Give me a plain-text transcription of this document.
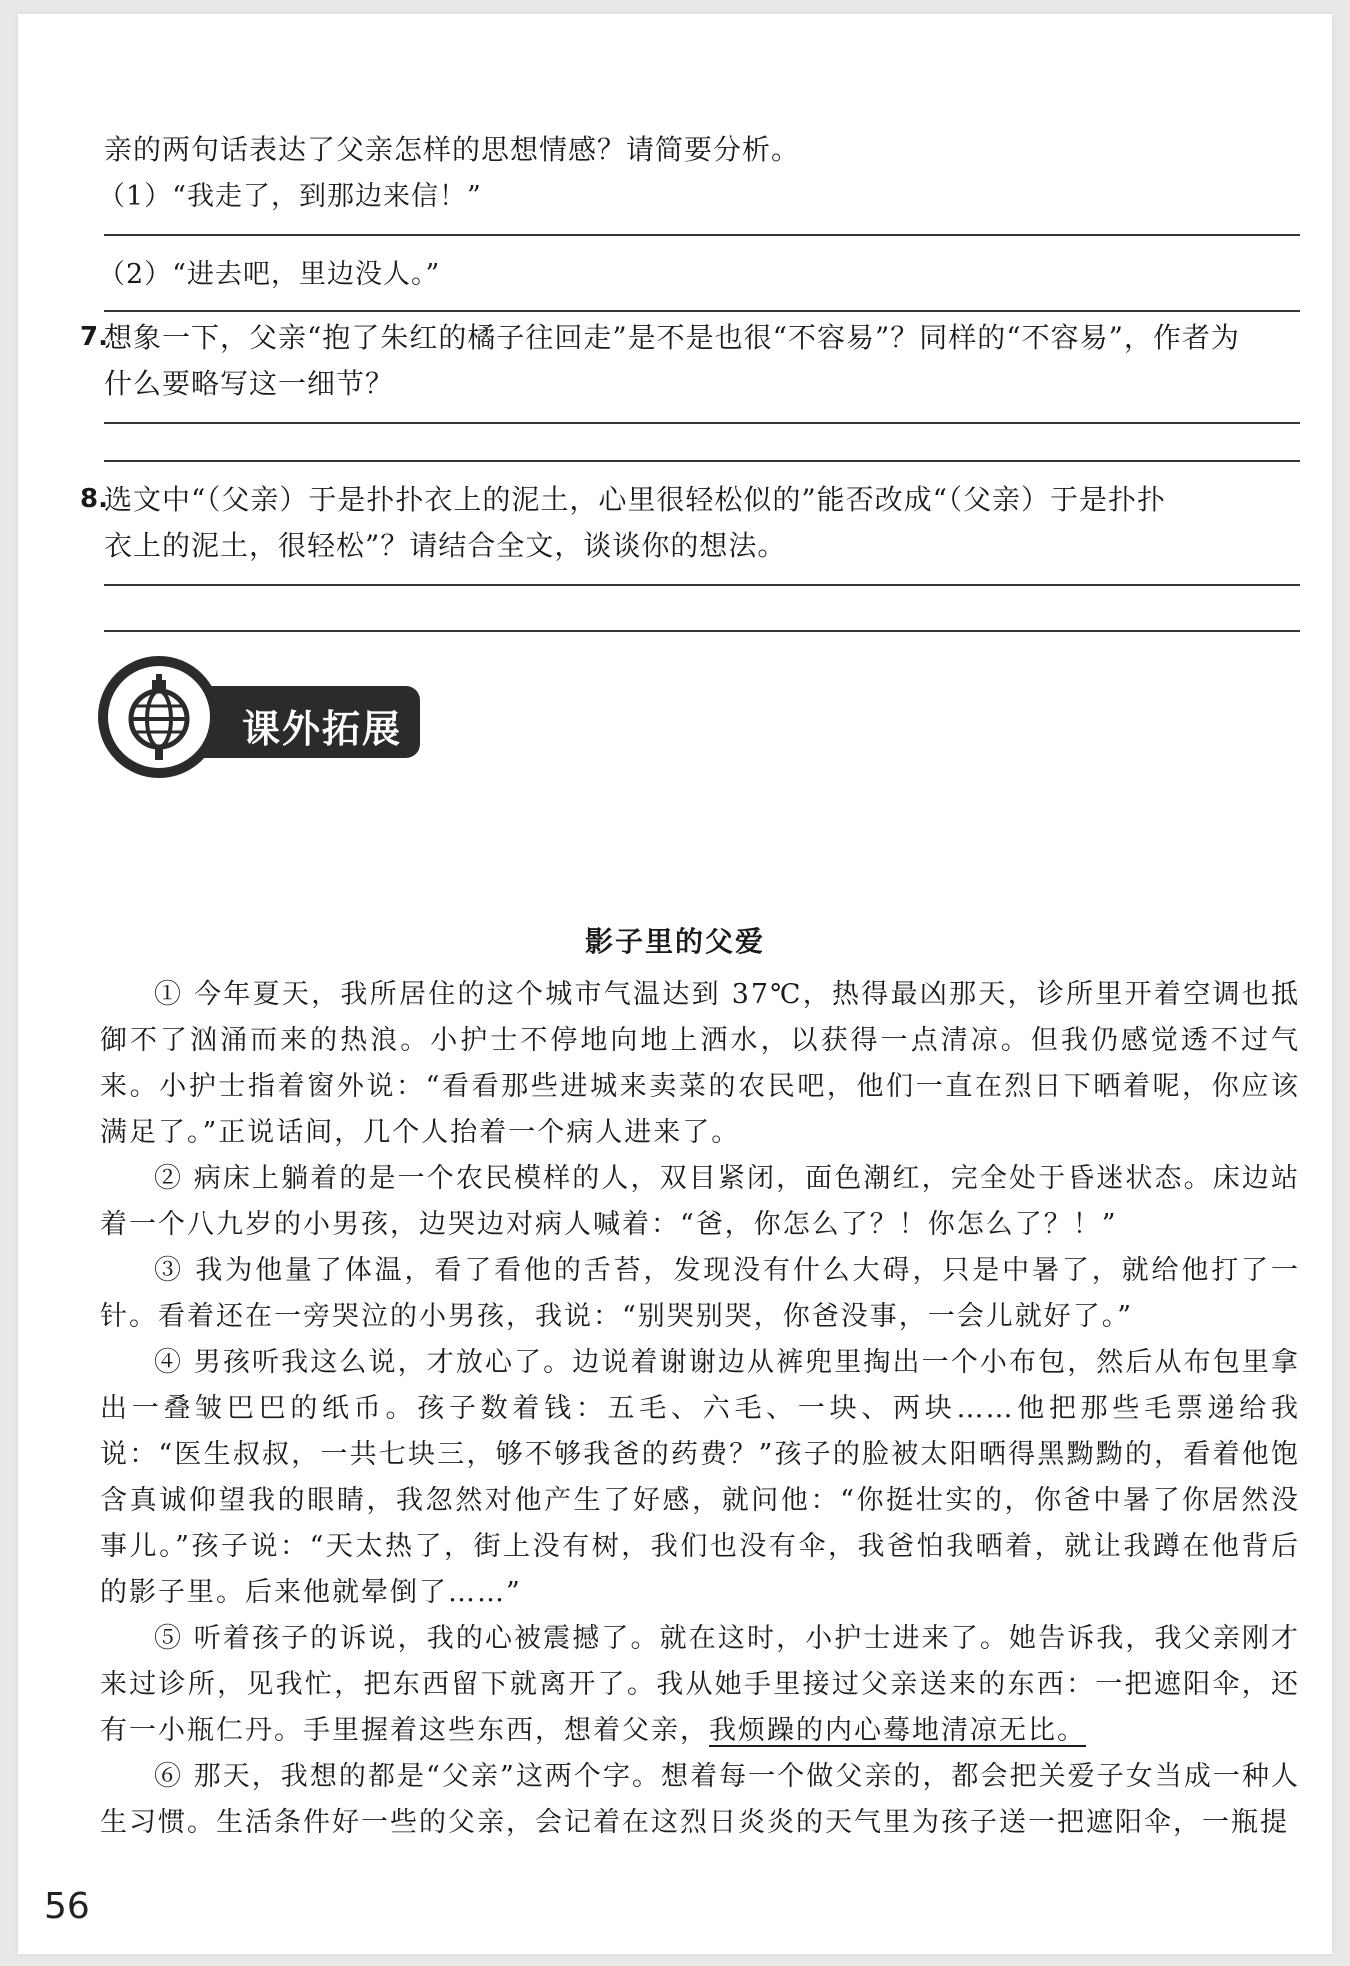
亲的两句话表达了父亲怎样的思想情感？请简要分析。
（1）“我走了，到那边来信！”
（2）“进去吧，里边没人。”
7.
想象一下，父亲“抱了朱红的橘子往回走”是不是也很“不容易”？同样的“不容易”，作者为
什么要略写这一细节？
8.
选文中“（父亲）于是扑扑衣上的泥土，心里很轻松似的”能否改成“（父亲）于是扑扑
衣上的泥土，很轻松”？请结合全文，谈谈你的想法。
课外拓展
影子里的父爱

① 今年夏天，我所居住的这个城市气温达到 37℃，热得最凶那天，诊所里开着空调也抵御不了汹涌而来的热浪。小护士不停地向地上洒水，以获得一点清凉。但我仍感觉透不过气来。小护士指着窗外说：“看看那些进城来卖菜的农民吧，他们一直在烈日下晒着呢，你应该满足了。”正说话间，几个人抬着一个病人进来了。

② 病床上躺着的是一个农民模样的人，双目紧闭，面色潮红，完全处于昏迷状态。床边站着一个八九岁的小男孩，边哭边对病人喊着：“爸，你怎么了？！你怎么了？！”

③ 我为他量了体温，看了看他的舌苔，发现没有什么大碍，只是中暑了，就给他打了一针。看着还在一旁哭泣的小男孩，我说：“别哭别哭，你爸没事，一会儿就好了。”

④ 男孩听我这么说，才放心了。边说着谢谢边从裤兜里掏出一个小布包，然后从布包里拿出一叠皱巴巴的纸币。孩子数着钱：五毛、六毛、一块、两块……他把那些毛票递给我说：“医生叔叔，一共七块三，够不够我爸的药费？”孩子的脸被太阳晒得黑黝黝的，看着他饱含真诚仰望我的眼睛，我忽然对他产生了好感，就问他：“你挺壮实的，你爸中暑了你居然没事儿。”孩子说：“天太热了，街上没有树，我们也没有伞，我爸怕我晒着，就让我蹲在他背后的影子里。后来他就晕倒了……”

⑤ 听着孩子的诉说，我的心被震撼了。就在这时，小护士进来了。她告诉我，我父亲刚才来过诊所，见我忙，把东西留下就离开了。我从她手里接过父亲送来的东西：一把遮阳伞，还有一小瓶仁丹。手里握着这些东西，想着父亲，我烦躁的内心蓦地清凉无比。

⑥ 那天，我想的都是“父亲”这两个字。想着每一个做父亲的，都会把关爱子女当成一种人生习惯。生活条件好一些的父亲，会记着在这烈日炎炎的天气里为孩子送一把遮阳伞，一瓶提

56
